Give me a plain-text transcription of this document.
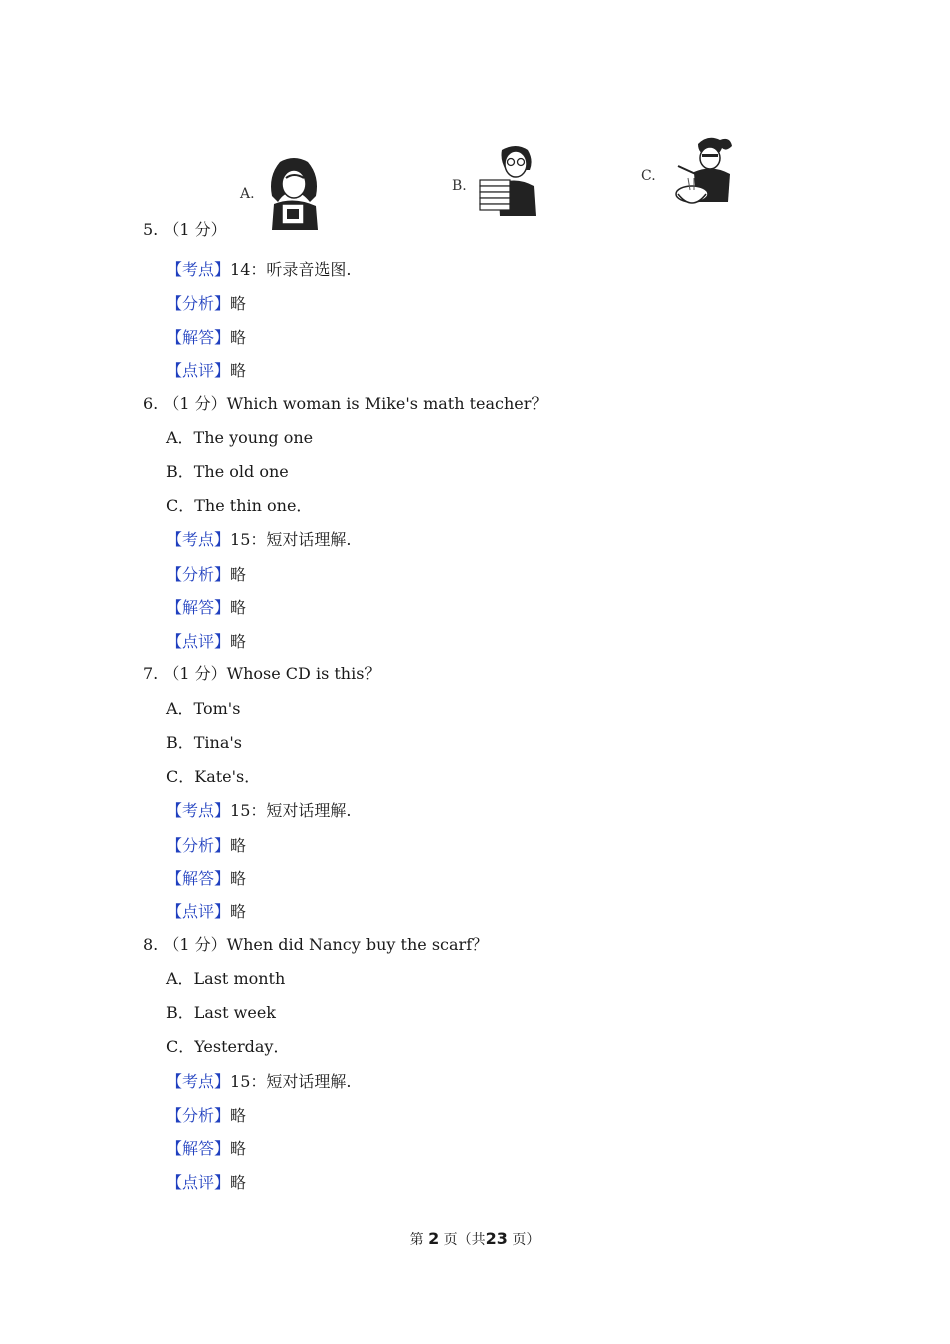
A.	B.
C.
5. （1 分）
【考点】14：听录音选图.
【分析】略
【解答】略
【点评】略
6. （1 分）Which woman is Mike's math teacher？
A．The young one
B．The old one
C．The thin one．
【考点】15：短对话理解.
【分析】略
【解答】略
【点评】略
7. （1 分）Whose CD is this？
A．Tom's
B．Tina's
C．Kate's．
【考点】15：短对话理解.
【分析】略
【解答】略
【点评】略
8. （1 分）When did Nancy buy the scarf？
A．Last month
B．Last week
C．Yesterday．
【考点】15：短对话理解.
【分析】略
【解答】略
【点评】略
第 2 页（共23 页）
